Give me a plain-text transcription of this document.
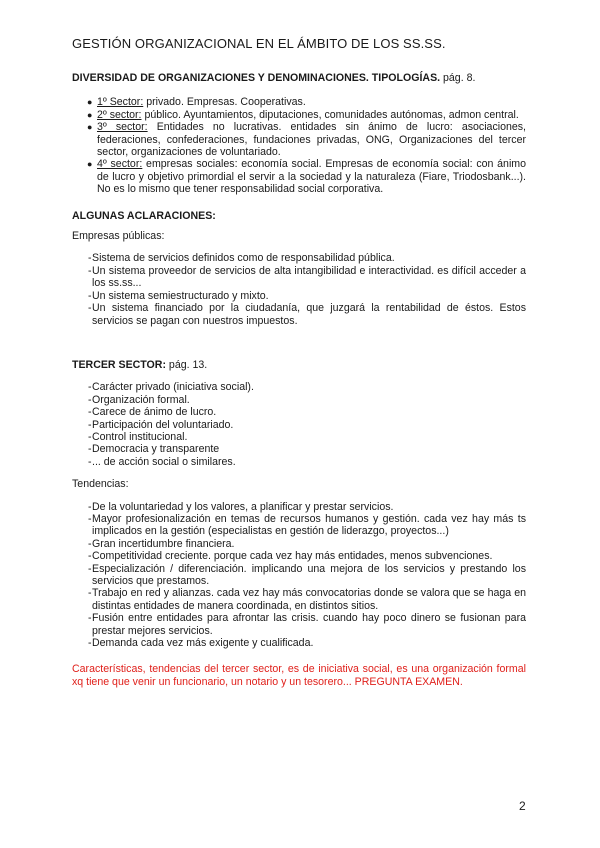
GESTIÓN ORGANIZACIONAL EN EL ÁMBITO DE LOS SS.SS.

DIVERSIDAD DE ORGANIZACIONES Y DENOMINACIONES. TIPOLOGÍAS. pág. 8.

● 1º Sector: privado. Empresas. Cooperativas.
● 2º sector: público. Ayuntamientos, diputaciones, comunidades autónomas, admon central.
● 3º sector: Entidades no lucrativas. entidades sin ánimo de lucro: asociaciones, federaciones, confederaciones, fundaciones privadas, ONG, Organizaciones del tercer sector, organizaciones de voluntariado.
● 4º sector: empresas sociales: economía social. Empresas de economía social: con ánimo de lucro y objetivo primordial el servir a la sociedad y la naturaleza (Fiare, Triodosbank...). No es lo mismo que tener responsabilidad social corporativa.

ALGUNAS ACLARACIONES:

Empresas públicas:

- Sistema de servicios definidos como de responsabilidad pública.
- Un sistema proveedor de servicios de alta intangibilidad e interactividad. es difícil acceder a los ss.ss...
- Un sistema semiestructurado y mixto.
- Un sistema financiado por la ciudadanía, que juzgará la rentabilidad de éstos. Estos servicios se pagan con nuestros impuestos.

TERCER SECTOR: pág. 13.

- Carácter privado (iniciativa social).
- Organización formal.
- Carece de ánimo de lucro.
- Participación del voluntariado.
- Control institucional.
- Democracia y transparente
- ... de acción social o similares.

Tendencias:

- De la voluntariedad y los valores, a planificar y prestar servicios.
- Mayor profesionalización en temas de recursos humanos y gestión. cada vez hay más ts implicados en la gestión (especialistas en gestión de liderazgo, proyectos...)
- Gran incertidumbre financiera.
- Competitividad creciente. porque cada vez hay más entidades, menos subvenciones.
- Especialización / diferenciación. implicando una mejora de los servicios y prestando los servicios que prestamos.
- Trabajo en red y alianzas. cada vez hay más convocatorias donde se valora que se haga en distintas entidades de manera coordinada, en distintos sitios.
- Fusión entre entidades para afrontar las crisis. cuando hay poco dinero se fusionan para prestar mejores servicios.
- Demanda cada vez más exigente y cualificada.

Características, tendencias del tercer sector, es de iniciativa social, es una organización formal xq tiene que venir un funcionario, un notario y un tesorero... PREGUNTA EXAMEN.

2
